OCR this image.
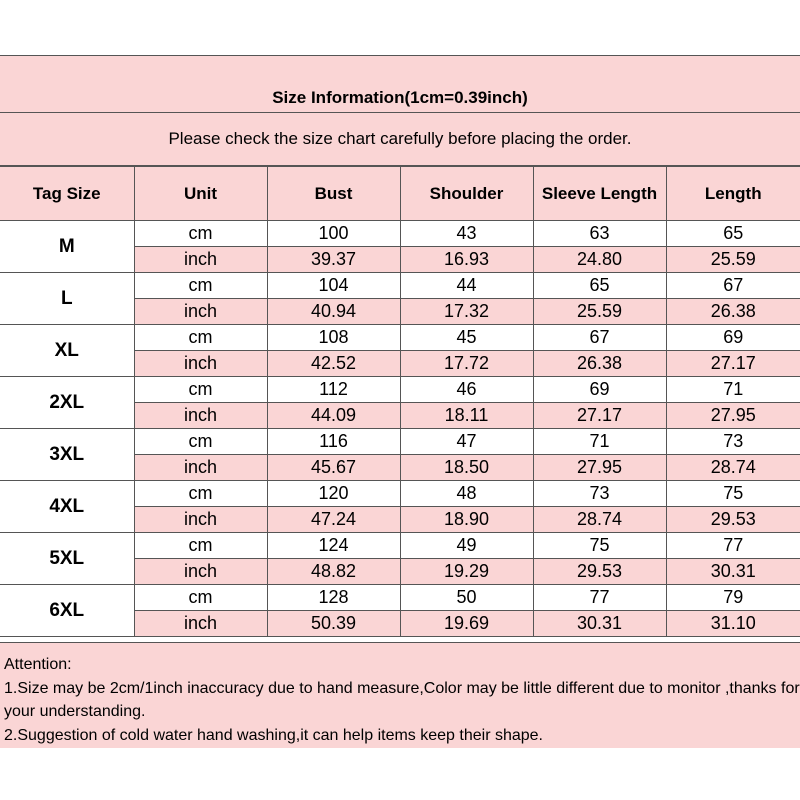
Size Information(1cm=0.39inch)
Please check the size chart carefully before placing the order.
Tag Size	Unit	Bust	Shoulder	Sleeve Length	Length
M	cm	100	43	63	65
	inch	39.37	16.93	24.80	25.59
L	cm	104	44	65	67
	inch	40.94	17.32	25.59	26.38
XL	cm	108	45	67	69
	inch	42.52	17.72	26.38	27.17
2XL	cm	112	46	69	71
	inch	44.09	18.11	27.17	27.95
3XL	cm	116	47	71	73
	inch	45.67	18.50	27.95	28.74
4XL	cm	120	48	73	75
	inch	47.24	18.90	28.74	29.53
5XL	cm	124	49	75	77
	inch	48.82	19.29	29.53	30.31
6XL	cm	128	50	77	79
	inch	50.39	19.69	30.31	31.10

Attention:

1.Size may be 2cm/1inch inaccuracy due to hand measure,Color may be little different due to monitor ,thanks for your understanding.

2.Suggestion of cold water hand washing,it can help items keep their shape.
